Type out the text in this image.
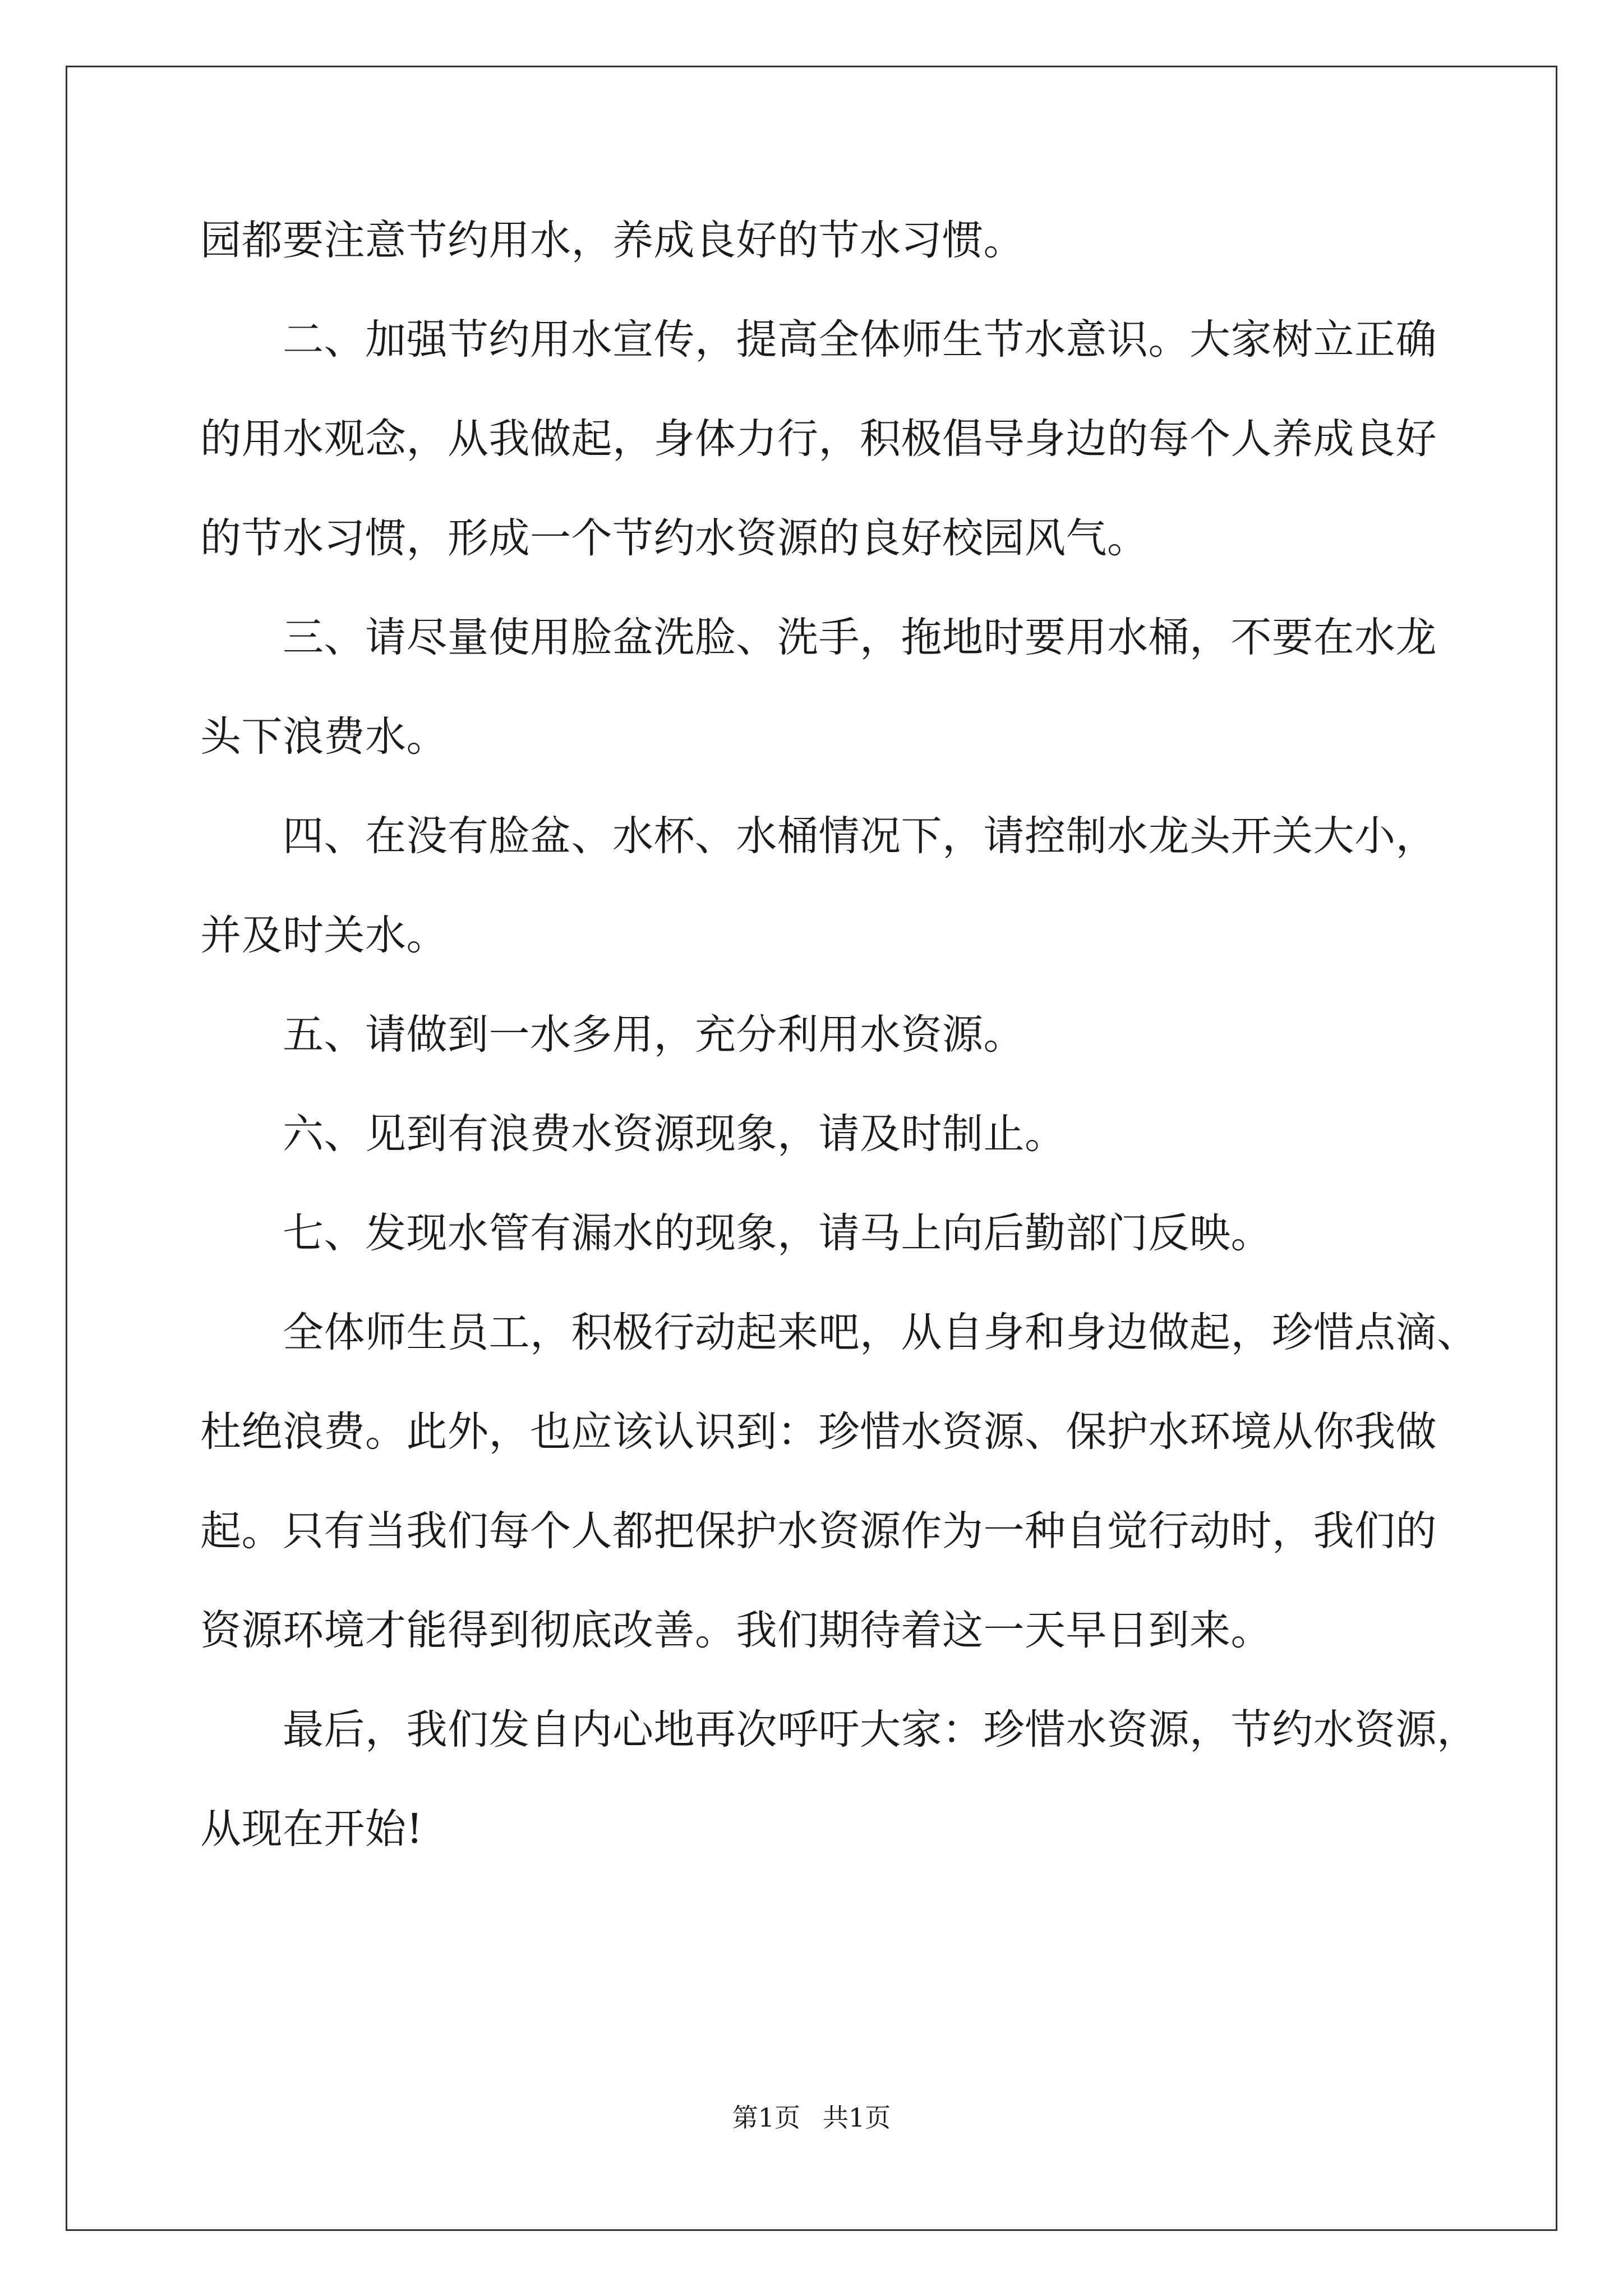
园都要注意节约用水，养成良好的节水习惯。
二、加强节约用水宣传，提高全体师生节水意识。大家树立正确
的用水观念，从我做起，身体力行，积极倡导身边的每个人养成良好
的节水习惯，形成一个节约水资源的良好校园风气。
三、请尽量使用脸盆洗脸、洗手，拖地时要用水桶，不要在水龙
头下浪费水。
四、在没有脸盆、水杯、水桶情况下，请控制水龙头开关大小，
并及时关水。
五、请做到一水多用，充分利用水资源。
六、见到有浪费水资源现象，请及时制止。
七、发现水管有漏水的现象，请马上向后勤部门反映。
全体师生员工，积极行动起来吧，从自身和身边做起，珍惜点滴、
杜绝浪费。此外，也应该认识到：珍惜水资源、保护水环境从你我做
起。只有当我们每个人都把保护水资源作为一种自觉行动时，我们的
资源环境才能得到彻底改善。我们期待着这一天早日到来。
最后，我们发自内心地再次呼吁大家：珍惜水资源，节约水资源，
从现在开始!
第1页 共1页
